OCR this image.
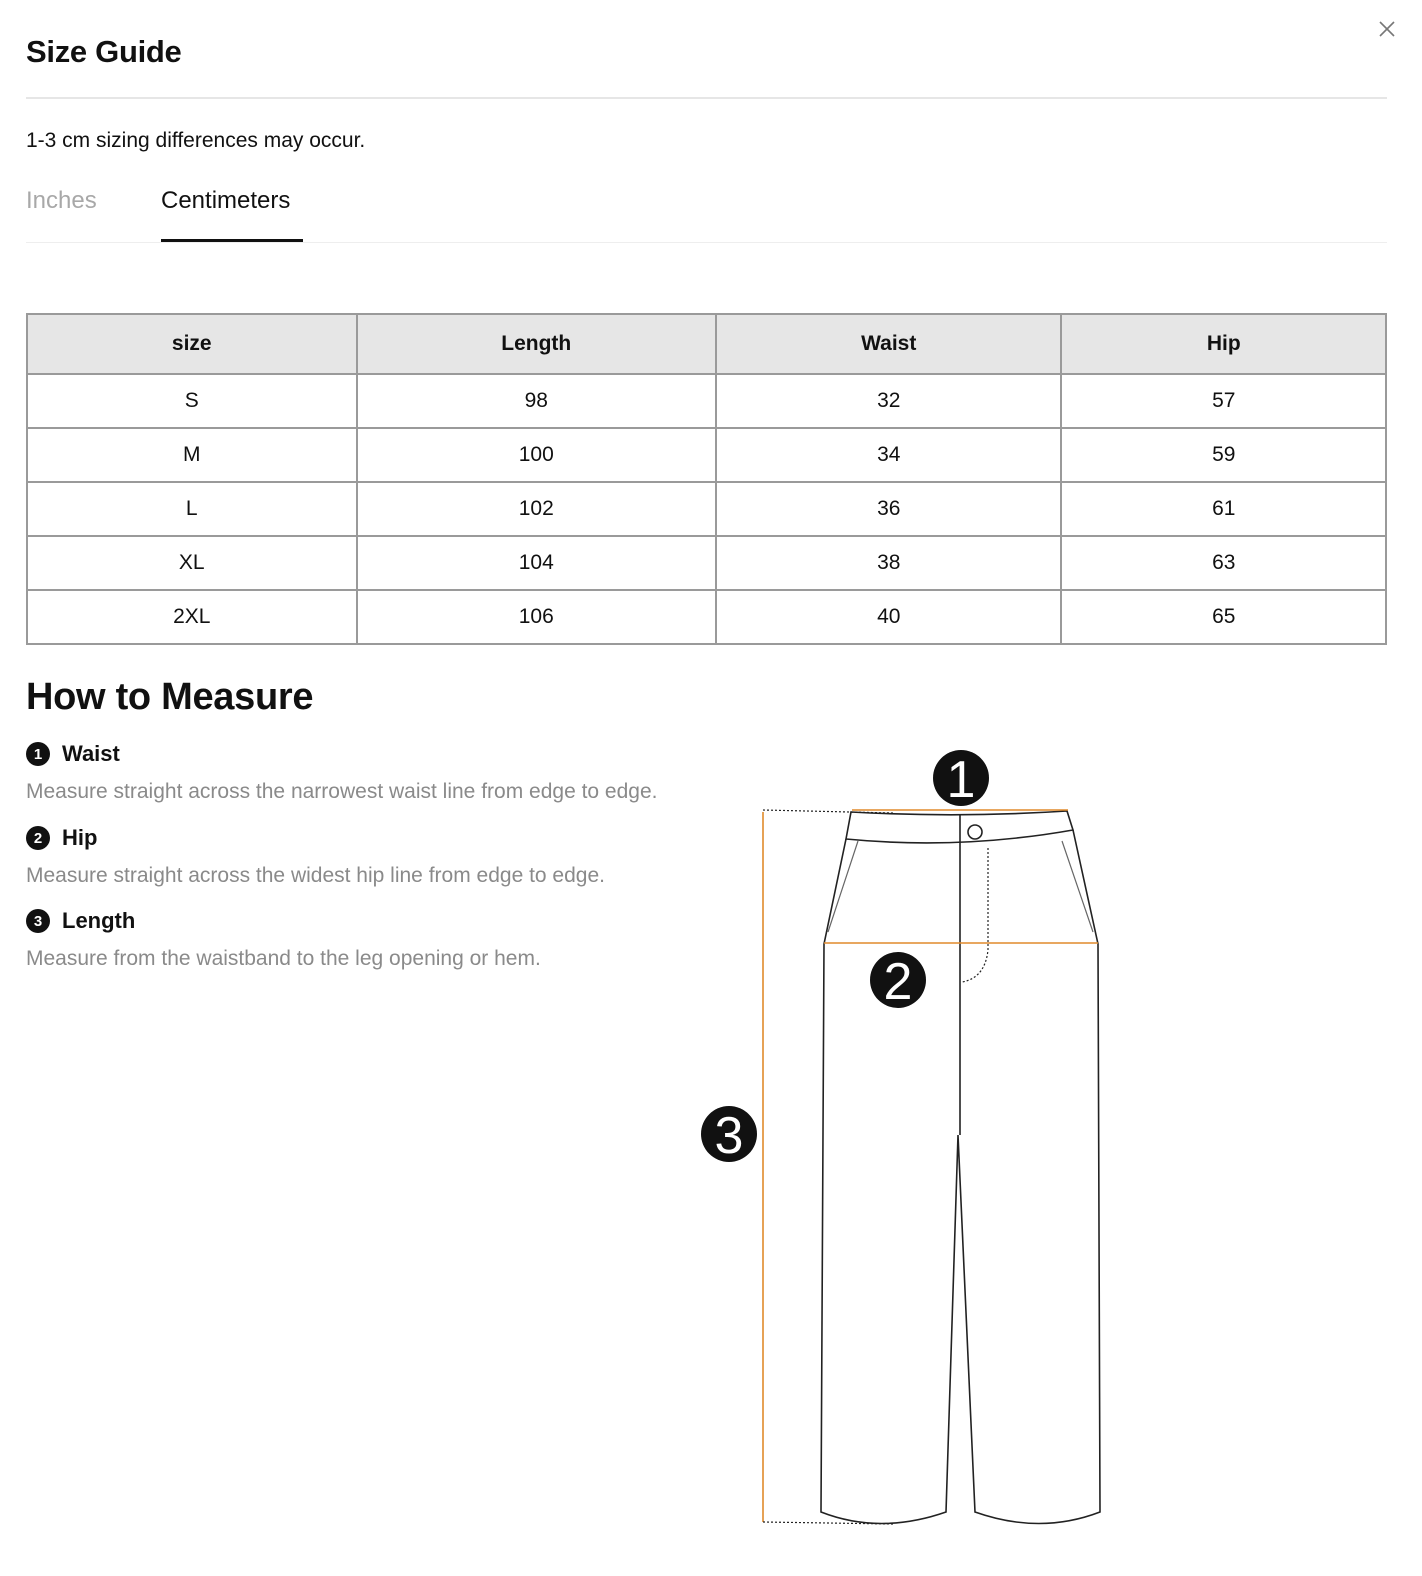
Size Guide
1-3 cm sizing differences may occur.
Inches	Centimeters
size	Length	Waist	Hip
S	98	32	57
M	100	34	59
L	102	36	61
XL	104	38	63
2XL	106	40	65
How to Measure
1 Waist
Measure straight across the narrowest waist line from edge to edge.
2 Hip
Measure straight across the widest hip line from edge to edge.
3 Length
Measure from the waistband to the leg opening or hem.
1
2
3
